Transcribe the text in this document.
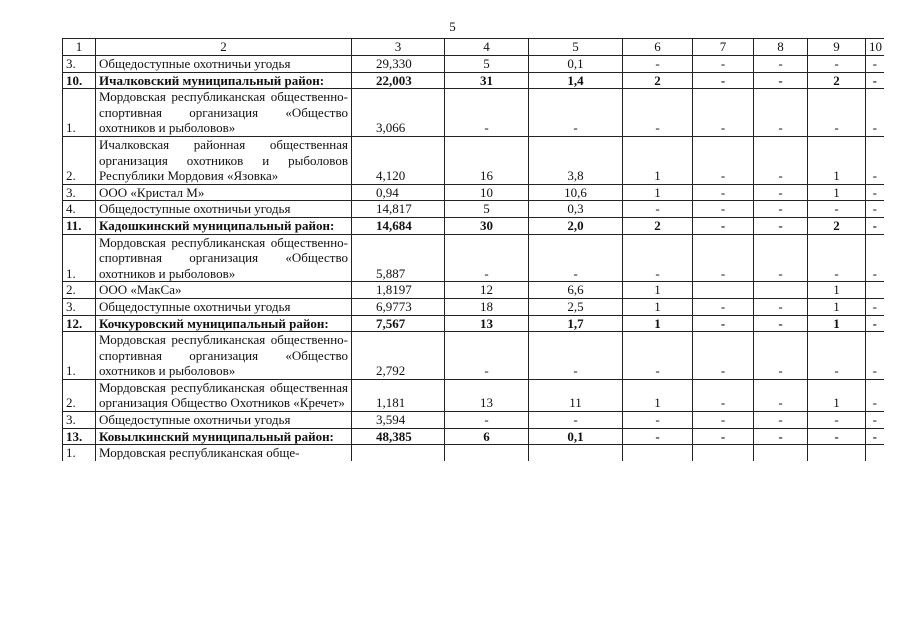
5
1	2	3	4	5	6	7	8	9	10
3.	Общедоступные охотничьи угодья	29,330	5	0,1	-	-	-	-	-
10.	Ичалковский муниципальный район:	22,003	31	1,4	2	-	-	2	-
1.	Мордовская республиканская общественно-спортивная организация «Общество охотников и рыболовов»	3,066	-	-	-	-	-	-	-
2.	Ичалковская районная общественная организация охотников и рыболовов Республики Мордовия «Язовка»	4,120	16	3,8	1	-	-	1	-
3.	ООО «Кристал М»	0,94	10	10,6	1	-	-	1	-
4.	Общедоступные охотничьи угодья	14,817	5	0,3	-	-	-	-	-
11.	Кадошкинский муниципальный район:	14,684	30	2,0	2	-	-	2	-
1.	Мордовская республиканская общественно-спортивная организация «Общество охотников и рыболовов»	5,887	-	-	-	-	-	-	-
2.	ООО «МакСа»	1,8197	12	6,6	1			1	
3.	Общедоступные охотничьи угодья	6,9773	18	2,5	1	-	-	1	-
12.	Кочкуровский муниципальный район:	7,567	13	1,7	1	-	-	1	-
1.	Мордовская республиканская общественно-спортивная организация «Общество охотников и рыболовов»	2,792	-	-	-	-	-	-	-
2.	Мордовская республиканская общественная организация Общество Охотников «Кречет»	1,181	13	11	1	-	-	1	-
3.	Общедоступные охотничьи угодья	3,594	-	-	-	-	-	-	-
13.	Ковылкинский муниципальный район:	48,385	6	0,1	-	-	-	-	-
1.	Мордовская республиканская обще-								
